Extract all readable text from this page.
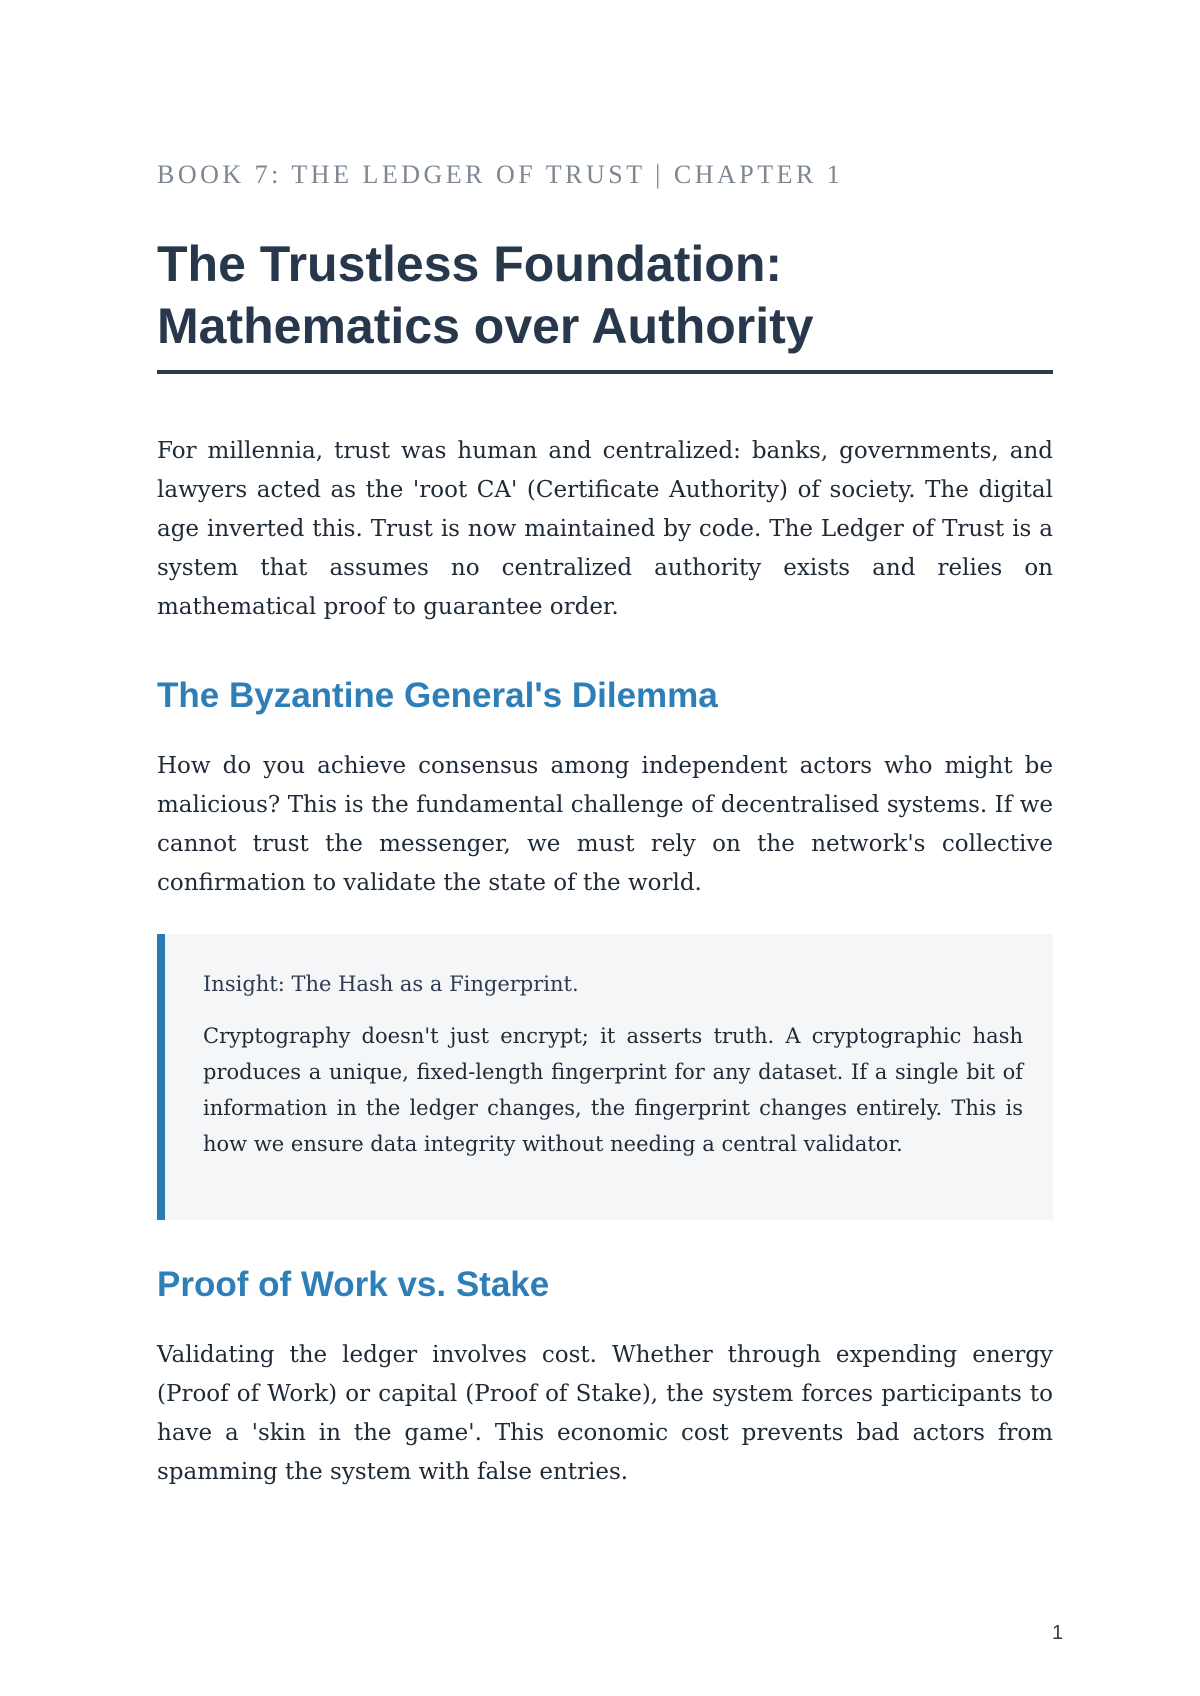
BOOK 7: THE LEDGER OF TRUST | CHAPTER 1
The Trustless Foundation: Mathematics over Authority

For millennia, trust was human and centralized: banks, governments, and lawyers acted as the 'root CA' (Certificate Authority) of society. The digital age inverted this. Trust is now maintained by code. The Ledger of Trust is a system that assumes no centralized authority exists and relies on mathematical proof to guarantee order.

The Byzantine General's Dilemma

How do you achieve consensus among independent actors who might be malicious? This is the fundamental challenge of decentralised systems. If we cannot trust the messenger, we must rely on the network's collective confirmation to validate the state of the world.

Insight: The Hash as a Fingerprint.

Cryptography doesn't just encrypt; it asserts truth. A cryptographic hash produces a unique, fixed-length fingerprint for any dataset. If a single bit of information in the ledger changes, the fingerprint changes entirely. This is how we ensure data integrity without needing a central validator.

Proof of Work vs. Stake

Validating the ledger involves cost. Whether through expending energy (Proof of Work) or capital (Proof of Stake), the system forces participants to have a 'skin in the game'. This economic cost prevents bad actors from spamming the system with false entries.

1
